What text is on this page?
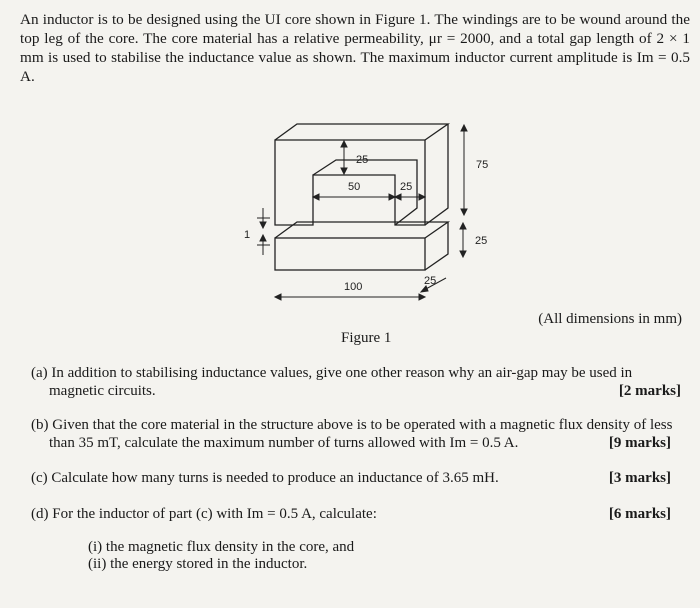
An inductor is to be designed using the UI core shown in Figure 1. The windings are to be wound around the top leg of the core. The core material has a relative permeability, μr = 2000, and a total gap length of 2 × 1 mm is used to stabilise the inductance value as shown. The maximum inductor current amplitude is Im = 0.5 A.
25	75
50	25
1	25
100	25
(All dimensions in mm)
Figure 1
(a) In addition to stabilising inductance values, give one other reason why an air-gap may be used in magnetic circuits.	[2 marks]
(b) Given that the core material in the structure above is to be operated with a magnetic flux density of less than 35 mT, calculate the maximum number of turns allowed with Im = 0.5 A.	[9 marks]
(c) Calculate how many turns is needed to produce an inductance of 3.65 mH.	[3 marks]
(d) For the inductor of part (c) with Im = 0.5 A, calculate:	[6 marks]
(i) the magnetic flux density in the core, and
(ii) the energy stored in the inductor.
